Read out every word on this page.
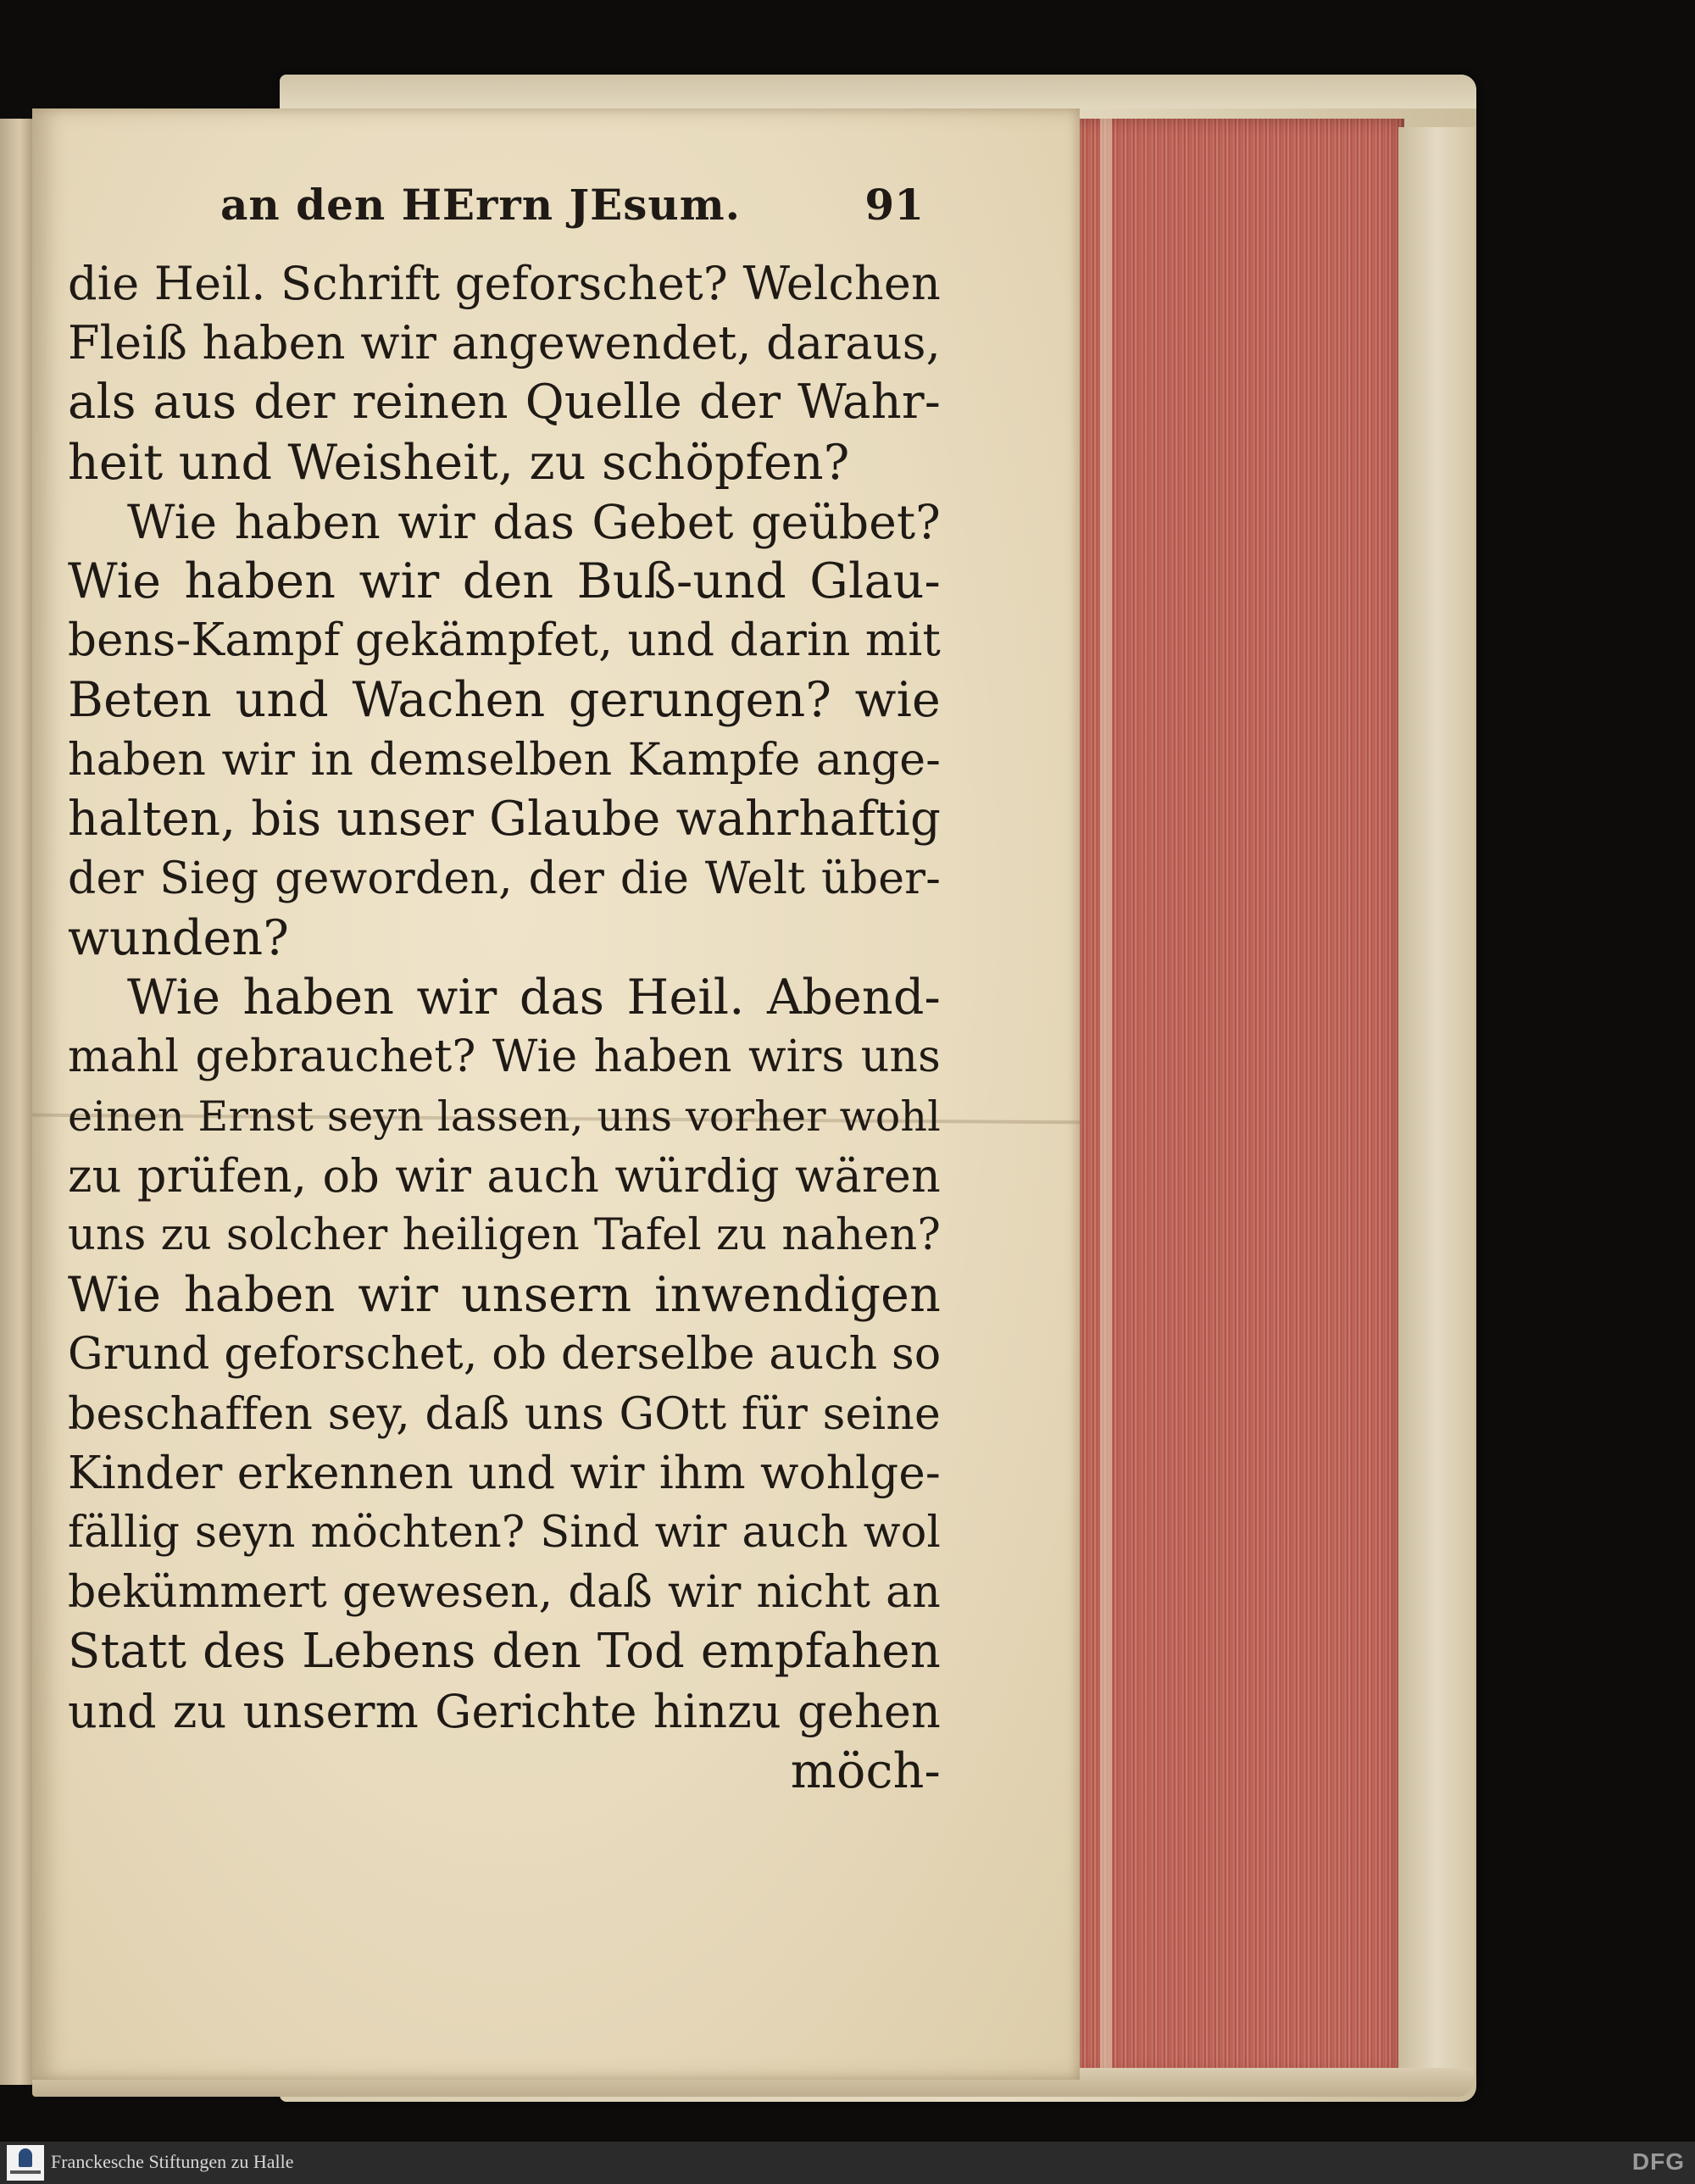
an den HErrn JEsum.	91
die Heil. Schrift geforschet? Welchen
Fleiß haben wir angewendet, daraus,
als aus der reinen Quelle der Wahr-
heit und Weisheit, zu schöpfen?
Wie haben wir das Gebet geübet?
Wie haben wir den Buß-und Glau-
bens-Kampf gekämpfet, und darin mit
Beten und Wachen gerungen? wie
haben wir in demselben Kampfe ange-
halten, bis unser Glaube wahrhaftig
der Sieg geworden, der die Welt über-
wunden?
Wie haben wir das Heil. Abend-
mahl gebrauchet? Wie haben wirs uns
einen Ernst seyn lassen, uns vorher wohl
zu prüfen, ob wir auch würdig wären
uns zu solcher heiligen Tafel zu nahen?
Wie haben wir unsern inwendigen
Grund geforschet, ob derselbe auch so
beschaffen sey, daß uns GOtt für seine
Kinder erkennen und wir ihm wohlge-
fällig seyn möchten? Sind wir auch wol
bekümmert gewesen, daß wir nicht an
Statt des Lebens den Tod empfahen
und zu unserm Gerichte hinzu gehen
möch-
Franckesche Stiftungen zu Halle	DFG
